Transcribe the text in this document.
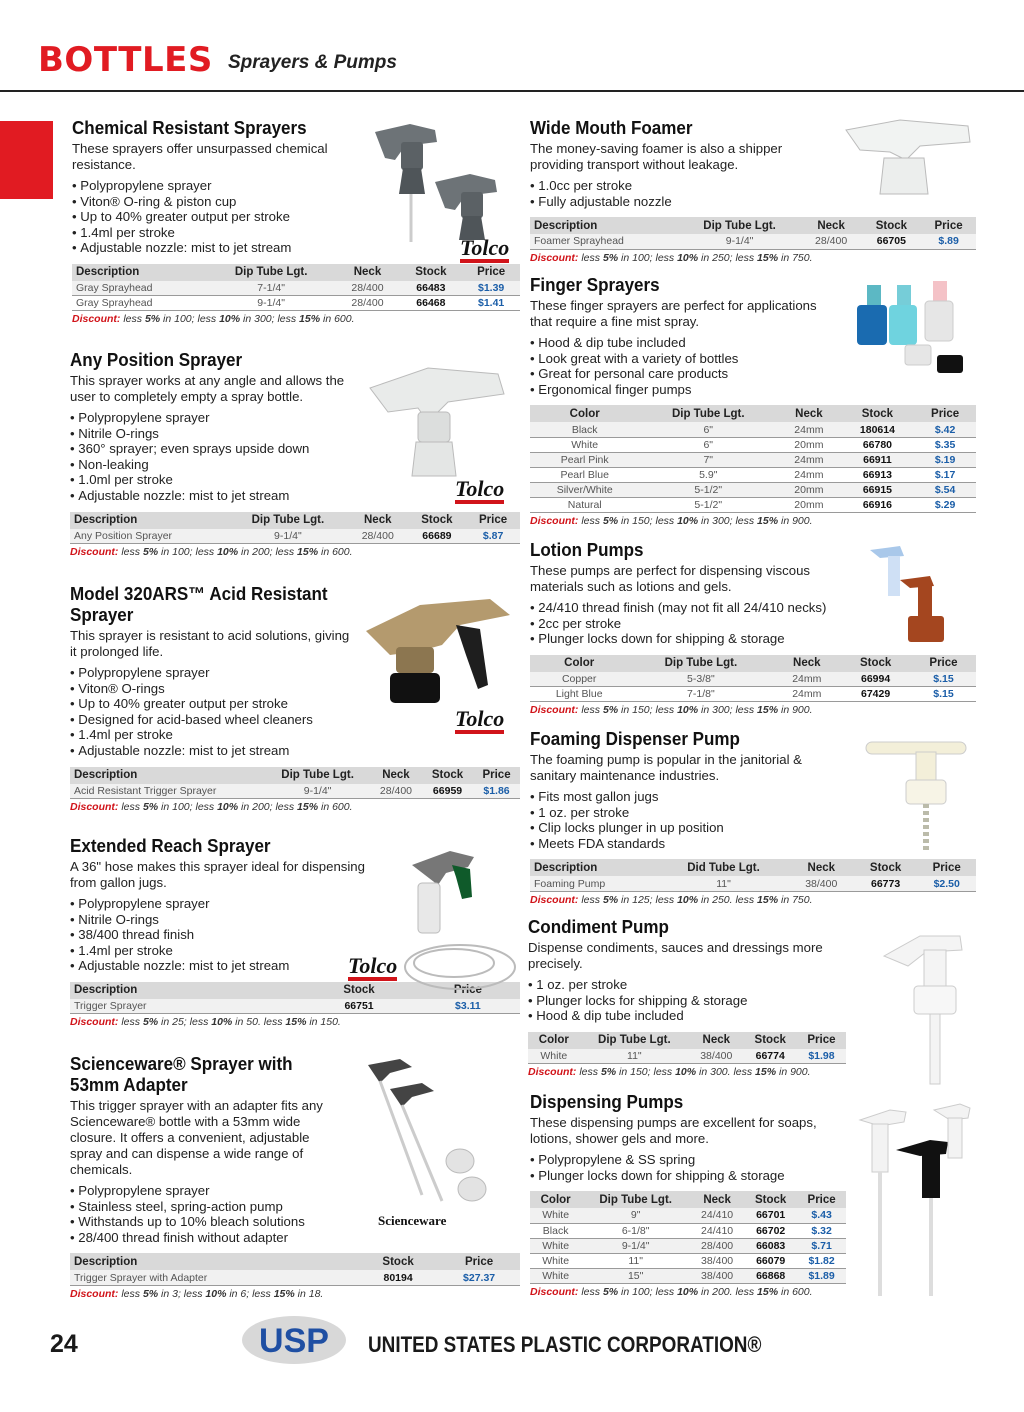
BOTTLES Sprayers & Pumps
Chemical Resistant Sprayers

These sprayers offer unsurpassed chemical resistance.

• Polypropylene sprayer
• Viton® O-ring & piston cup
• Up to 40% greater output per stroke
• 1.4ml per stroke
• Adjustable nozzle: mist to jet stream
Description	Dip Tube Lgt.	Neck	Stock	Price
Gray Sprayhead	7-1/4"	28/400	66483	$1.39
Gray Sprayhead	9-1/4"	28/400	66468	$1.41

Discount: less 5% in 100; less 10% in 300; less 15% in 600.

Any Position Sprayer

This sprayer works at any angle and allows the user to completely empty a spray bottle.

• Polypropylene sprayer
• Nitrile O-rings
• 360° sprayer; even sprays upside down
• Non-leaking
• 1.0ml per stroke
• Adjustable nozzle: mist to jet stream
Description	Dip Tube Lgt.	Neck	Stock	Price
Any Position Sprayer	9-1/4"	28/400	66689	$.87

Discount: less 5% in 100; less 10% in 200; less 15% in 600.

Model 320ARS™ Acid Resistant Sprayer

This sprayer is resistant to acid solutions, giving it prolonged life.

• Polypropylene sprayer
• Viton® O-rings
• Up to 40% greater output per stroke
• Designed for acid-based wheel cleaners
• 1.4ml per stroke
• Adjustable nozzle: mist to jet stream
Description	Dip Tube Lgt.	Neck	Stock	Price
Acid Resistant Trigger Sprayer	9-1/4"	28/400	66959	$1.86

Discount: less 5% in 100; less 10% in 200; less 15% in 600.

Extended Reach Sprayer

A 36" hose makes this sprayer ideal for dispensing from gallon jugs.

• Polypropylene sprayer
• Nitrile O-rings
• 38/400 thread finish
• 1.4ml per stroke
• Adjustable nozzle: mist to jet stream
Description	Stock	Price
Trigger Sprayer	66751	$3.11

Discount: less 5% in 25; less 10% in 50. less 15% in 150.

Scienceware® Sprayer with 53mm Adapter

This trigger sprayer with an adapter fits any Scienceware® bottle with a 53mm wide closure. It offers a convenient, adjustable spray and can dispense a wide range of chemicals.

• Polypropylene sprayer
• Stainless steel, spring-action pump
• Withstands up to 10% bleach solutions
• 28/400 thread finish without adapter
Description	Stock	Price
Trigger Sprayer with Adapter	80194	$27.37

Discount: less 5% in 3; less 10% in 6; less 15% in 18.

Wide Mouth Foamer

The money-saving foamer is also a shipper providing transport without leakage.

• 1.0cc per stroke
• Fully adjustable nozzle
Description	Dip Tube Lgt.	Neck	Stock	Price
Foamer Sprayhead	9-1/4"	28/400	66705	$.89

Discount: less 5% in 100; less 10% in 250; less 15% in 750.

Finger Sprayers

These finger sprayers are perfect for applications that require a fine mist spray.

• Hood & dip tube included
• Look great with a variety of bottles
• Great for personal care products
• Ergonomical finger pumps
Color	Dip Tube Lgt.	Neck	Stock	Price
Black	6"	24mm	180614	$.42
White	6"	20mm	66780	$.35
Pearl Pink	7"	24mm	66911	$.19
Pearl Blue	5.9"	24mm	66913	$.17
Silver/White	5-1/2"	20mm	66915	$.54
Natural	5-1/2"	20mm	66916	$.29

Discount: less 5% in 150; less 10% in 300; less 15% in 900.

Lotion Pumps

These pumps are perfect for dispensing viscous materials such as lotions and gels.

• 24/410 thread finish (may not fit all 24/410 necks)
• 2cc per stroke
• Plunger locks down for shipping & storage
Color	Dip Tube Lgt.	Neck	Stock	Price
Copper	5-3/8"	24mm	66994	$.15
Light Blue	7-1/8"	24mm	67429	$.15

Discount: less 5% in 150; less 10% in 300; less 15% in 900.

Foaming Dispenser Pump

The foaming pump is popular in the janitorial & sanitary maintenance industries.

• Fits most gallon jugs
• 1 oz. per stroke
• Clip locks plunger in up position
• Meets FDA standards
Description	Did Tube Lgt.	Neck	Stock	Price
Foaming Pump	11"	38/400	66773	$2.50

Discount: less 5% in 125; less 10% in 250. less 15% in 750.

Condiment Pump

Dispense condiments, sauces and dressings more precisely.

• 1 oz. per stroke
• Plunger locks for shipping & storage
• Hood & dip tube included
Color	Dip Tube Lgt.	Neck	Stock	Price
White	11"	38/400	66774	$1.98

Discount: less 5% in 150; less 10% in 300. less 15% in 900.

Dispensing Pumps

These dispensing pumps are excellent for soaps, lotions, shower gels and more.

• Polypropylene & SS spring
• Plunger locks down for shipping & storage
Color	Dip Tube Lgt.	Neck	Stock	Price
White	9"	24/410	66701	$.43
Black	6-1/8"	24/410	66702	$.32
White	9-1/4"	28/400	66083	$.71
White	11"	38/400	66079	$1.82
White	15"	38/400	66868	$1.89

Discount: less 5% in 100; less 10% in 200. less 15% in 600.

Tolco
Tolco
Tolco
Tolco
Scienceware
24	USP UNITED STATES PLASTIC CORPORATION®
